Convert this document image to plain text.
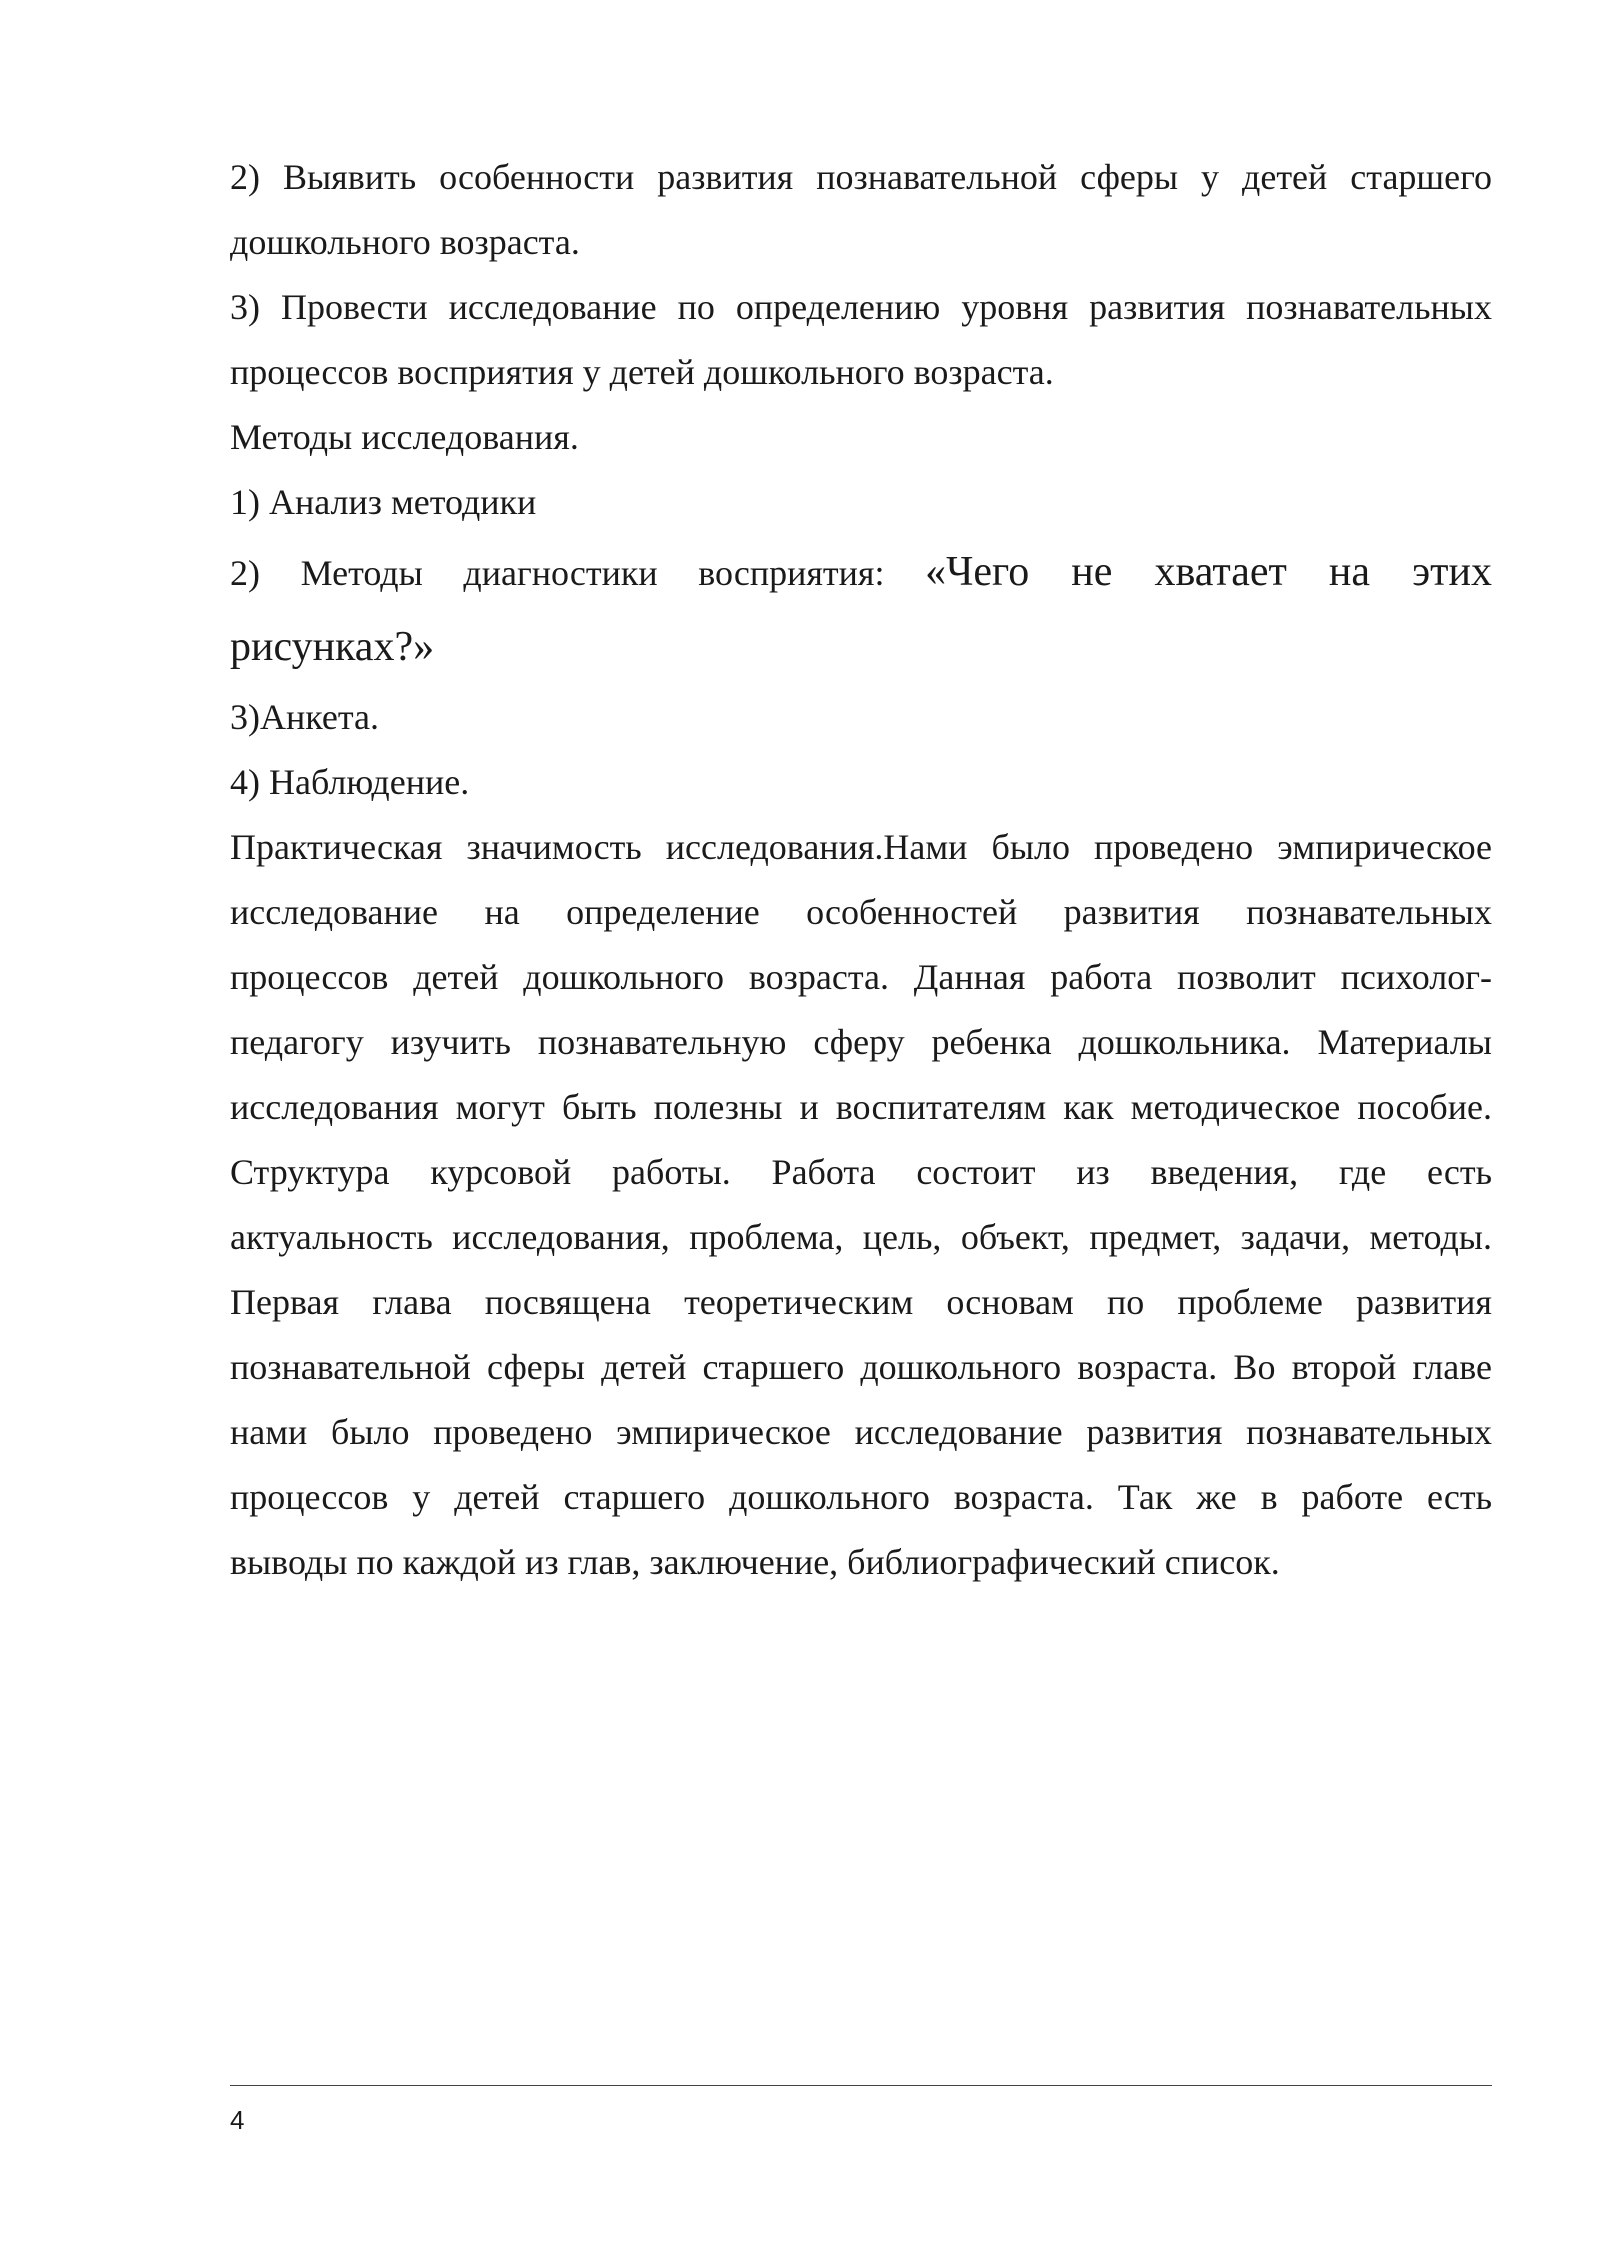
2) Выявить особенности развития познавательной сферы у детей старшего
дошкольного возраста.
3) Провести исследование по определению уровня развития познавательных
процессов восприятия у детей дошкольного возраста.
Методы исследования.
1) Анализ методики
2) Методы диагностики восприятия: «Чего не хватает на этих
рисунках?»
3)Анкета.
4) Наблюдение.
Практическая значимость исследования.Нами было проведено эмпирическое
исследование на определение особенностей развития познавательных
процессов детей дошкольного возраста. Данная работа позволит психолог-
педагогу изучить познавательную сферу ребенка дошкольника. Материалы
исследования могут быть полезны и воспитателям как методическое пособие.
Структура курсовой работы. Работа состоит из введения, где есть
актуальность исследования, проблема, цель, объект, предмет, задачи, методы.
Первая глава посвящена теоретическим основам по проблеме развития
познавательной сферы детей старшего дошкольного возраста. Во второй главе
нами было проведено эмпирическое исследование развития познавательных
процессов у детей старшего дошкольного возраста. Так же в работе есть
выводы по каждой из глав, заключение, библиографический список.
4
